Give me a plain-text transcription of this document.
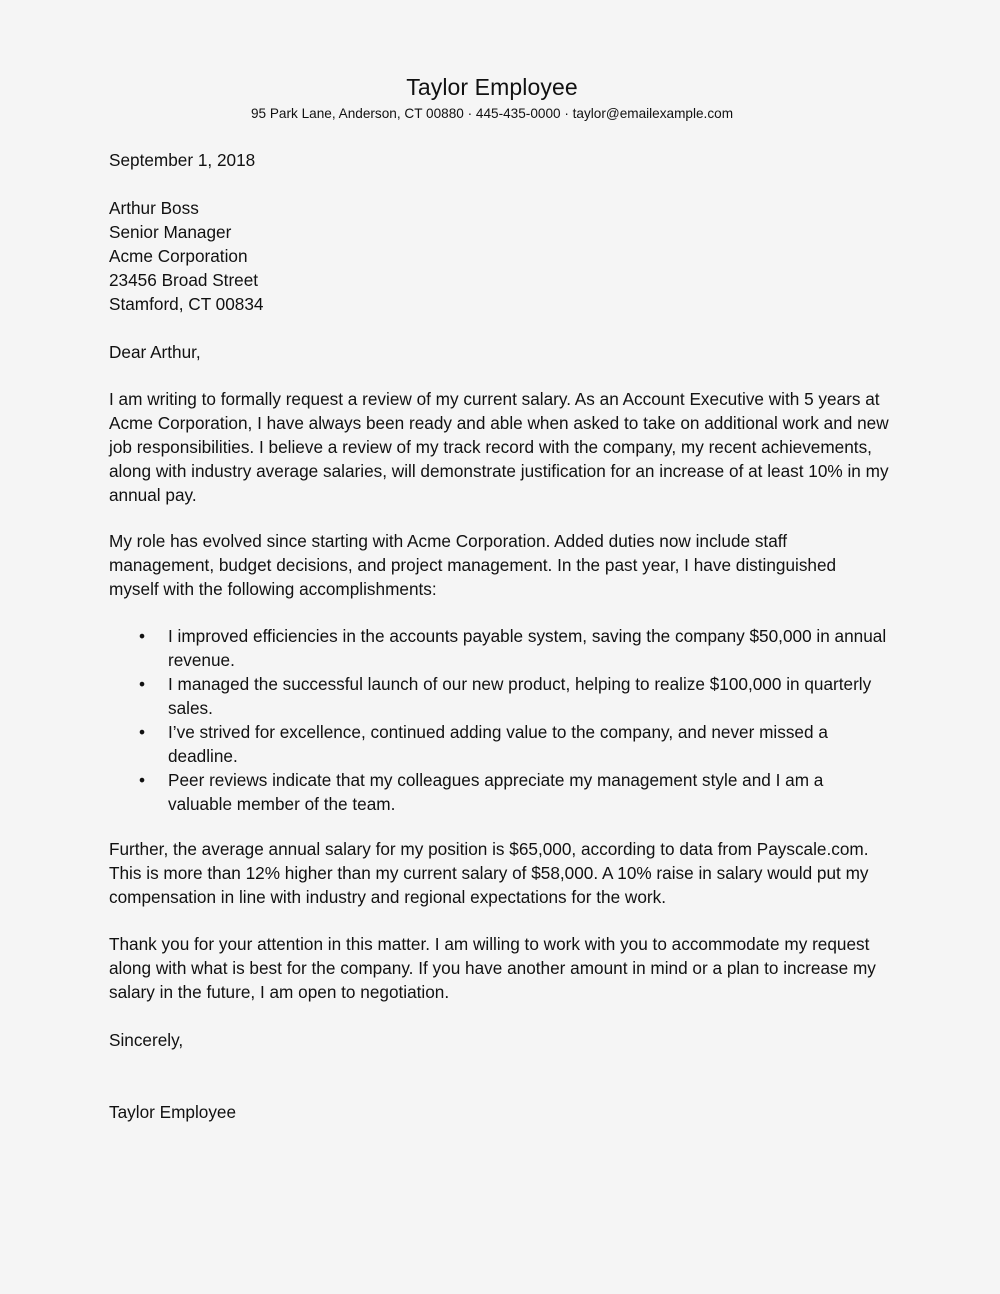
Taylor Employee
95 Park Lane, Anderson, CT 00880 · 445-435-0000 · taylor@emailexample.com
September 1, 2018
Arthur Boss
Senior Manager
Acme Corporation
23456 Broad Street
Stamford, CT 00834
Dear Arthur,
I am writing to formally request a review of my current salary. As an Account Executive with 5 years at Acme Corporation, I have always been ready and able when asked to take on additional work and new job responsibilities. I believe a review of my track record with the company, my recent achievements, along with industry average salaries, will demonstrate justification for an increase of at least 10% in my annual pay.
My role has evolved since starting with Acme Corporation. Added duties now include staff management, budget decisions, and project management. In the past year, I have distinguished myself with the following accomplishments:
• I improved efficiencies in the accounts payable system, saving the company $50,000 in annual revenue.
• I managed the successful launch of our new product, helping to realize $100,000 in quarterly sales.
• I’ve strived for excellence, continued adding value to the company, and never missed a deadline.
• Peer reviews indicate that my colleagues appreciate my management style and I am a valuable member of the team.
Further, the average annual salary for my position is $65,000, according to data from Payscale.com. This is more than 12% higher than my current salary of $58,000. A 10% raise in salary would put my compensation in line with industry and regional expectations for the work.
Thank you for your attention in this matter. I am willing to work with you to accommodate my request along with what is best for the company. If you have another amount in mind or a plan to increase my salary in the future, I am open to negotiation.
Sincerely,
Taylor Employee
